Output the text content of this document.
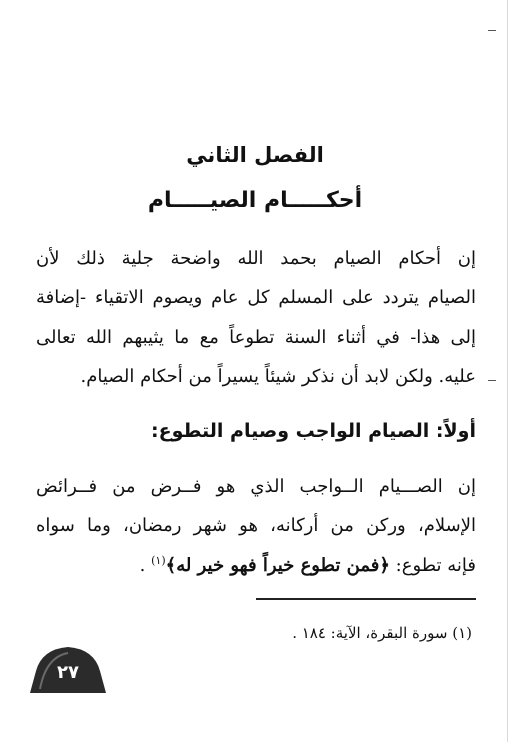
الفصل الثاني
أحكـــــام الصيـــــام
إن أحكام الصيام بحمد الله واضحة جلية ذلك لأن
الصيام يتردد على المسلم كل عام ويصوم الاتقياء -إضافة
إلى هذا- في أثناء السنة تطوعاً مع ما يثيبهم الله تعالى
عليه. ولكن لابد أن نذكر شيئاً يسيراً من أحكام الصيام.
أولاً: الصيام الواجب وصيام التطوع:
إن الصـــيام الــواجب الذي هو فــرض من فــرائض
الإسلام، وركن من أركانه، هو شهر رمضان، وما سواه
فإنه تطوع: ﴿فمن تطوع خيراً فهو خير له﴾$^{(١)}$ .
(١) سورة البقرة، الآية: ١٨٤ .
٢٧
